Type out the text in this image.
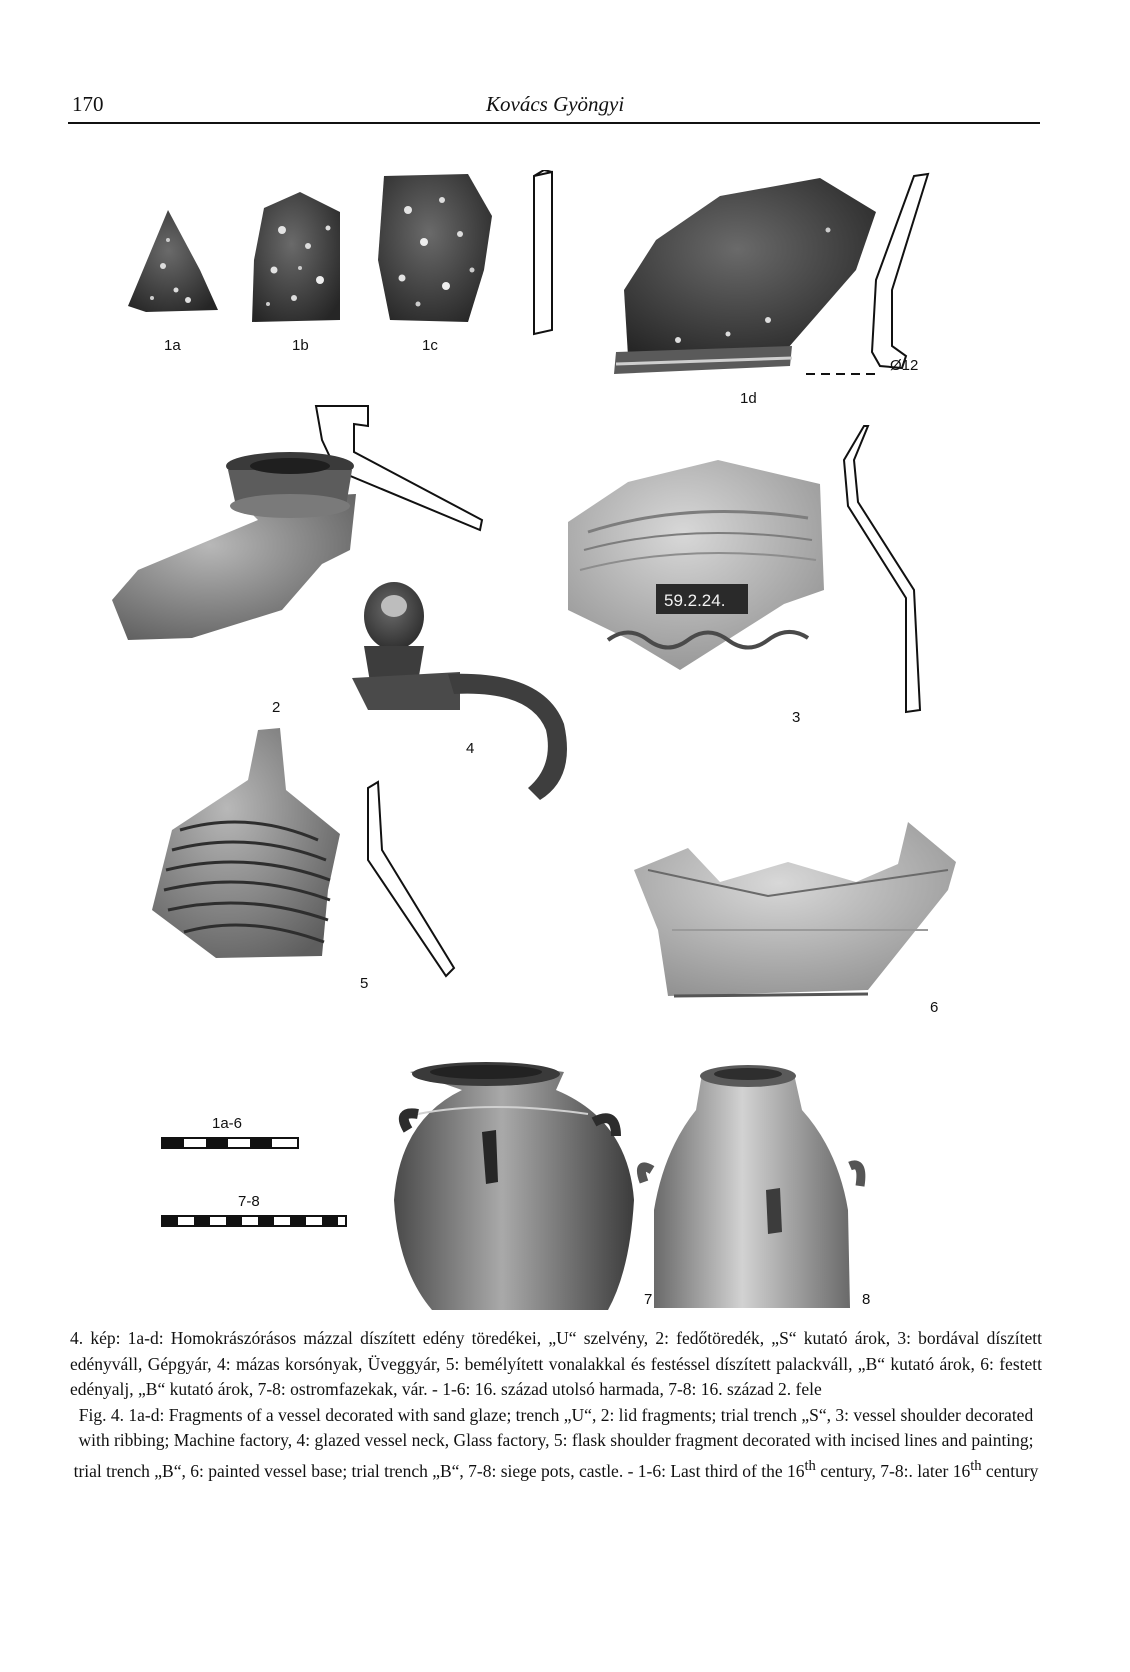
170	Kovács Gyöngyi
1a	1b	1c
Ø12
1d
2
59.2.24.
3
4
5
6
1a-6
7-8
7	8

4. kép: 1a-d: Homokrászórásos mázzal díszített edény töredékei, „U“ szelvény, 2: fedőtöredék, „S“ kutató árok, 3: bordával díszített edényváll, Gépgyár, 4: mázas korsónyak, Üveggyár, 5: bemélyített vonalakkal és festéssel díszített palackváll, „B“ kutató árok, 6: festett edényalj, „B“ kutató árok, 7-8: ostromfazekak, vár. - 1-6: 16. század utolsó harmada, 7-8: 16. század 2. fele

Fig. 4. 1a-d: Fragments of a vessel decorated with sand glaze; trench „U“, 2: lid fragments; trial trench „S“, 3: vessel shoulder decorated with ribbing; Machine factory, 4: glazed vessel neck, Glass factory, 5: flask shoulder fragment decorated with incised lines and painting; trial trench „B“, 6: painted vessel base; trial trench „B“, 7-8: siege pots, castle. - 1-6: Last third of the 16th century, 7-8:. later 16th century
